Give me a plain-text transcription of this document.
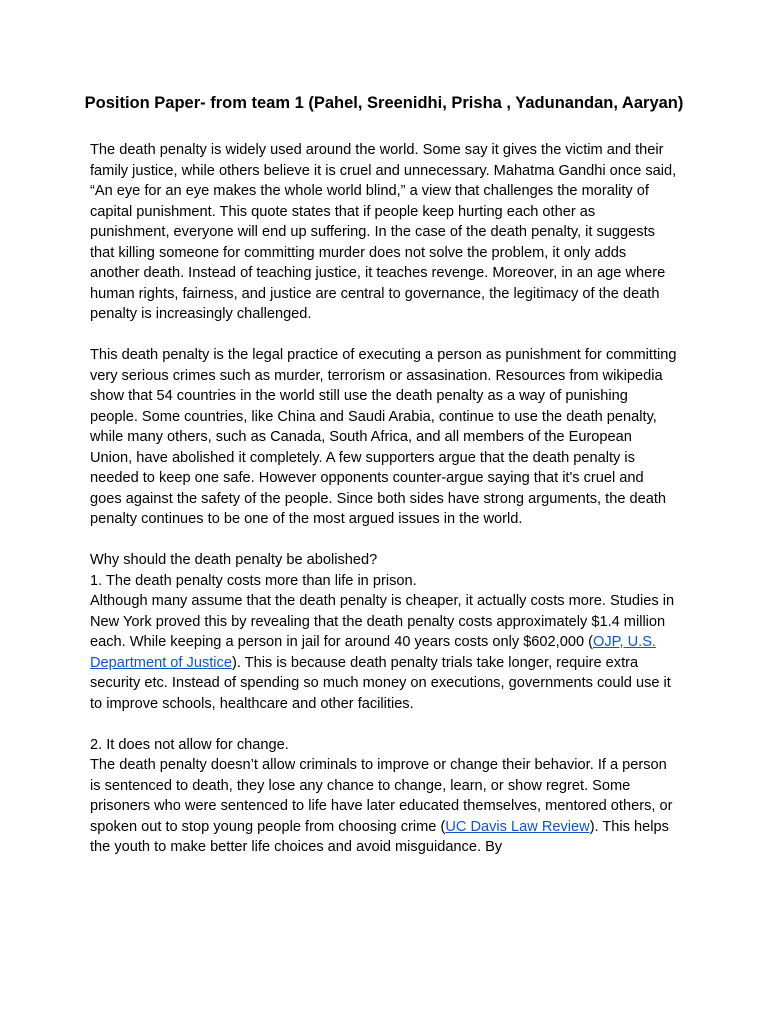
Position Paper- from team 1 (Pahel, Sreenidhi, Prisha , Yadunandan, Aaryan)

The death penalty is widely used around the world. Some say it gives the victim and their family justice, while others believe it is cruel and unnecessary. Mahatma Gandhi once said, “An eye for an eye makes the whole world blind,” a view that challenges the morality of capital punishment. This quote states that if people keep hurting each other as punishment, everyone will end up suffering. In the case of the death penalty, it suggests that killing someone for committing murder does not solve the problem, it only adds another death. Instead of teaching justice, it teaches revenge. Moreover, in an age where human rights, fairness, and justice are central to governance, the legitimacy of the death penalty is increasingly challenged.

This death penalty is the legal practice of executing a person as punishment for committing very serious crimes such as murder, terrorism or assasination. Resources from wikipedia show that 54 countries in the world still use the death penalty as a way of punishing people. Some countries, like China and Saudi Arabia, continue to use the death penalty, while many others, such as Canada, South Africa, and all members of the European Union, have abolished it completely. A few supporters argue that the death penalty is needed to keep one safe. However opponents counter-argue saying that it's cruel and goes against the safety of the people. Since both sides have strong arguments, the death penalty continues to be one of the most argued issues in the world.

Why should the death penalty be abolished?

1. The death penalty costs more than life in prison.

Although many assume that the death penalty is cheaper, it actually costs more. Studies in New York proved this by revealing that the death penalty costs approximately $1.4 million each. While keeping a person in jail for around 40 years costs only $602,000 (OJP, U.S. Department of Justice). This is because death penalty trials take longer, require extra security etc. Instead of spending so much money on executions, governments could use it to improve schools, healthcare and other facilities.

2. It does not allow for change.

The death penalty doesn’t allow criminals to improve or change their behavior. If a person is sentenced to death, they lose any chance to change, learn, or show regret. Some prisoners who were sentenced to life have later educated themselves, mentored others, or spoken out to stop young people from choosing crime (UC Davis Law Review). This helps the youth to make better life choices and avoid misguidance. By
